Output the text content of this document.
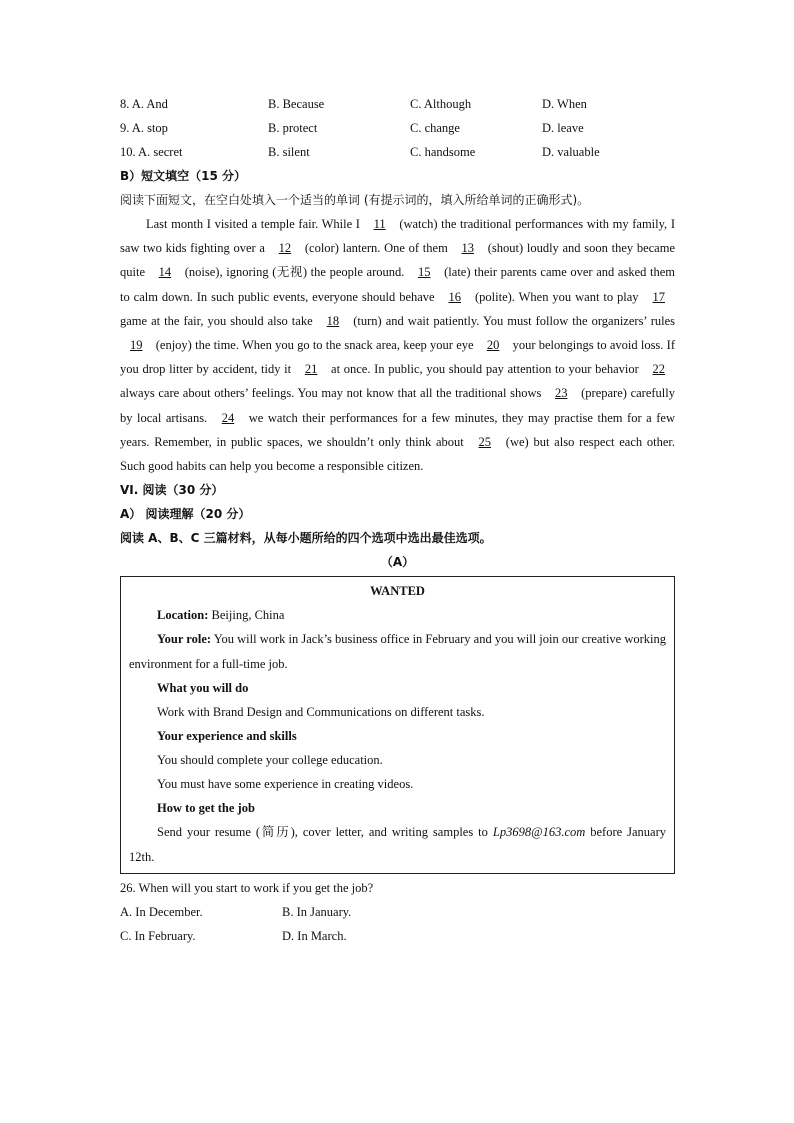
8. A. And	B. Because	C. Although	D. When
9. A. stop	B. protect	C. change	D. leave
10. A. secret	B. silent	C. handsome	D. valuable
B）短文填空（15 分）
阅读下面短文，在空白处填入一个适当的单词 (有提示词的，填入所给单词的正确形式)。

Last month I visited a temple fair. While I 11 (watch) the traditional performances with my family, I saw two kids fighting over a 12 (color) lantern. One of them 13 (shout) loudly and soon they became quite 14 (noise), ignoring (无视) the people around. 15 (late) their parents came over and asked them to calm down. In such public events, everyone should behave 16 (polite). When you want to play 17 game at the fair, you should also take 18 (turn) and wait patiently. You must follow the organizers’ rules 19 (enjoy) the time. When you go to the snack area, keep your eye 20 your belongings to avoid loss. If you drop litter by accident, tidy it 21 at once. In public, you should pay attention to your behavior 22 always care about others’ feelings. You may not know that all the traditional shows 23 (prepare) carefully by local artisans. 24 we watch their performances for a few minutes, they may practise them for a few years. Remember, in public spaces, we shouldn’t only think about 25 (we) but also respect each other. Such good habits can help you become a responsible citizen.

VI. 阅读（30 分）
A） 阅读理解（20 分）
阅读 A、B、C 三篇材料，从每小题所给的四个选项中选出最佳选项。
（A）
WANTED
Location: Beijing, China
Your role: You will work in Jack’s business office in February and you will join our creative working environment for a full-time job.
What you will do
Work with Brand Design and Communications on different tasks.
Your experience and skills
You should complete your college education.
You must have some experience in creating videos.
How to get the job
Send your resume (简历), cover letter, and writing samples to Lp3698@163.com before January 12th.
26. When will you start to work if you get the job?
A. In December.	B. In January.
C. In February.	D. In March.
